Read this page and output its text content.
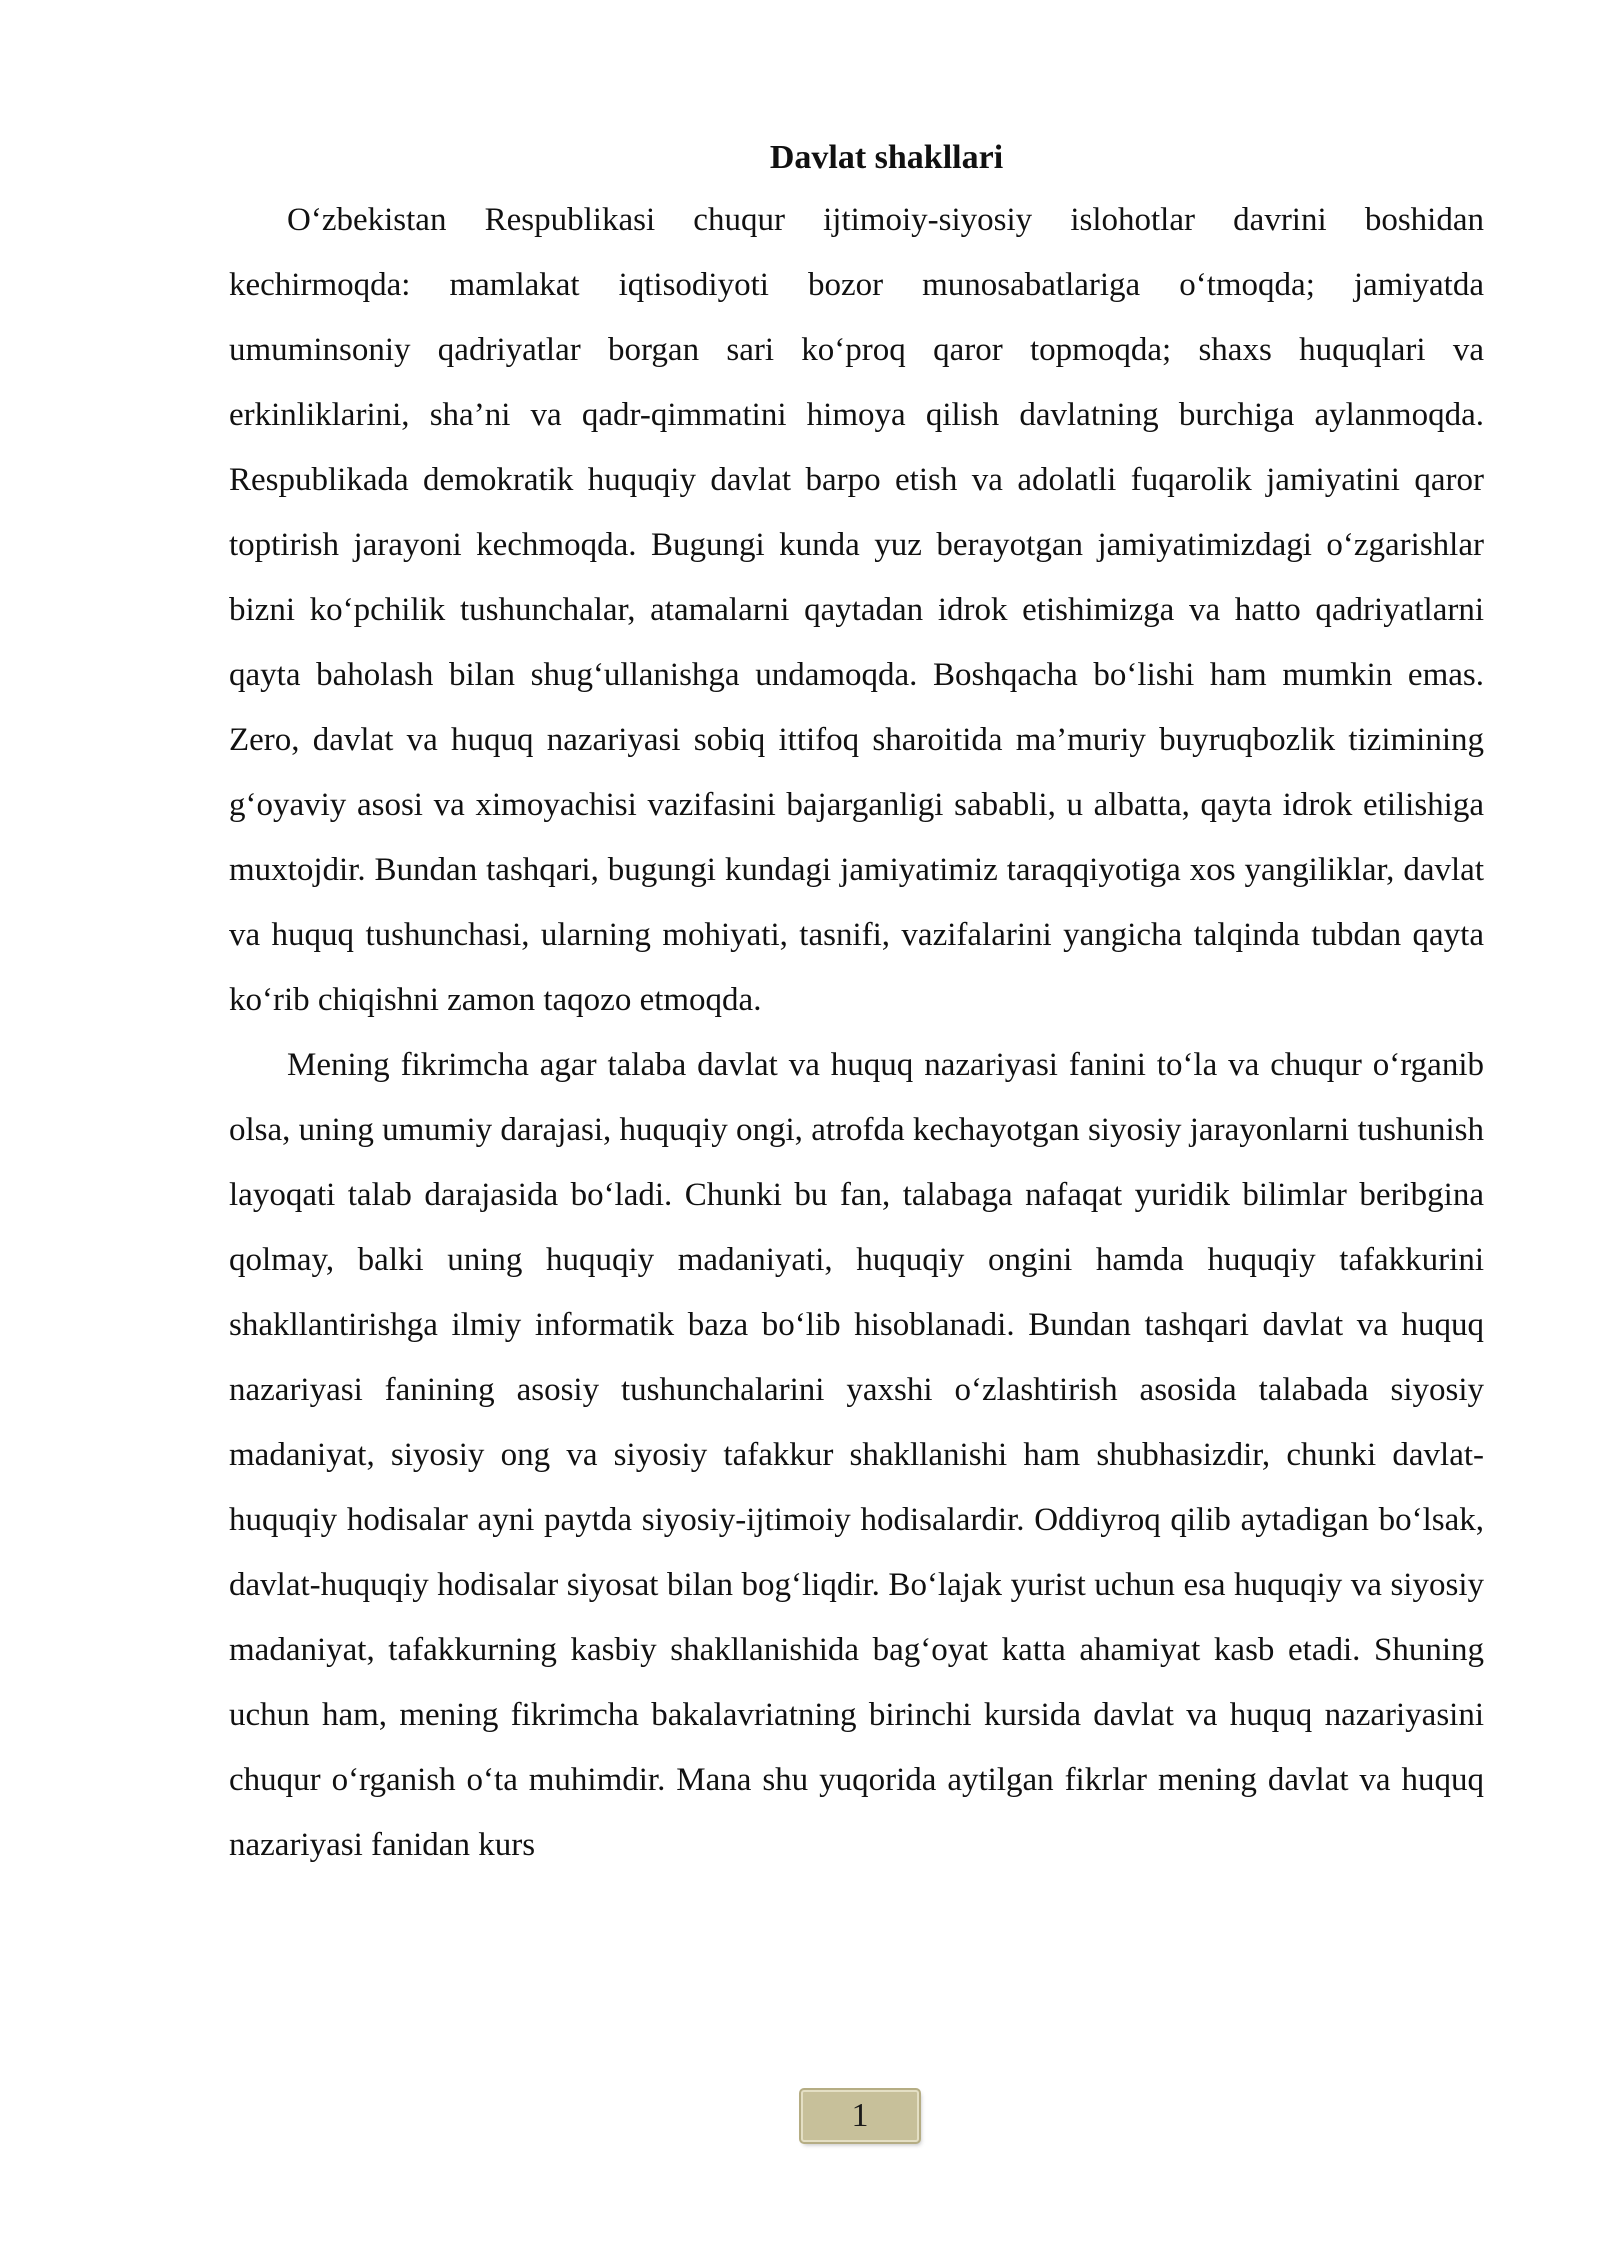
Davlat shakllari

O‘zbekistan Respublikasi chuqur ijtimoiy-siyosiy islohotlar davrini boshidan kechirmoqda: mamlakat iqtisodiyoti bozor munosabatlariga o‘tmoqda; jamiyatda umuminsoniy qadriyatlar borgan sari ko‘proq qaror topmoqda; shaxs huquqlari va erkinliklarini, sha’ni va qadr-qimmatini himoya qilish davlatning burchiga aylanmoqda. Respublikada demokratik huquqiy davlat barpo etish va adolatli fuqarolik jamiyatini qaror toptirish jarayoni kechmoqda. Bugungi kunda yuz berayotgan jamiyatimizdagi o‘zgarishlar bizni ko‘pchilik tushunchalar, atamalarni qaytadan idrok etishimizga va hatto qadriyatlarni qayta baholash bilan shug‘ullanishga undamoqda. Boshqacha bo‘lishi ham mumkin emas. Zero, davlat va huquq nazariyasi sobiq ittifoq sharoitida ma’muriy buyruqbozlik tizimining g‘oyaviy asosi va ximoyachisi vazifasini bajarganligi sababli, u albatta, qayta idrok etilishiga muxtojdir. Bundan tashqari, bugungi kundagi jamiyatimiz taraqqiyotiga xos yangiliklar, davlat va huquq tushunchasi, ularning mohiyati, tasnifi, vazifalarini yangicha talqinda tubdan qayta ko‘rib chiqishni zamon taqozo etmoqda.

Mening fikrimcha agar talaba davlat va huquq nazariyasi fanini to‘la va chuqur o‘rganib olsa, uning umumiy darajasi, huquqiy ongi, atrofda kechayotgan siyosiy jarayonlarni tushunish layoqati talab darajasida bo‘ladi. Chunki bu fan, talabaga nafaqat yuridik bilimlar beribgina qolmay, balki uning huquqiy madaniyati, huquqiy ongini hamda huquqiy tafakkurini shakllantirishga ilmiy informatik baza bo‘lib hisoblanadi. Bundan tashqari davlat va huquq nazariyasi fanining asosiy tushunchalarini yaxshi o‘zlashtirish asosida talabada siyosiy madaniyat, siyosiy ong va siyosiy tafakkur shakllanishi ham shubhasizdir, chunki davlat-huquqiy hodisalar ayni paytda siyosiy-ijtimoiy hodisalardir. Oddiyroq qilib aytadigan bo‘lsak, davlat-huquqiy hodisalar siyosat bilan bog‘liqdir. Bo‘lajak yurist uchun esa huquqiy va siyosiy madaniyat, tafakkurning kasbiy shakllanishida bag‘oyat katta ahamiyat kasb etadi. Shuning uchun ham, mening fikrimcha bakalavriatning birinchi kursida davlat va huquq nazariyasini chuqur o‘rganish o‘ta muhimdir. Mana shu yuqorida aytilgan fikrlar mening davlat va huquq nazariyasi fanidan kurs

1
